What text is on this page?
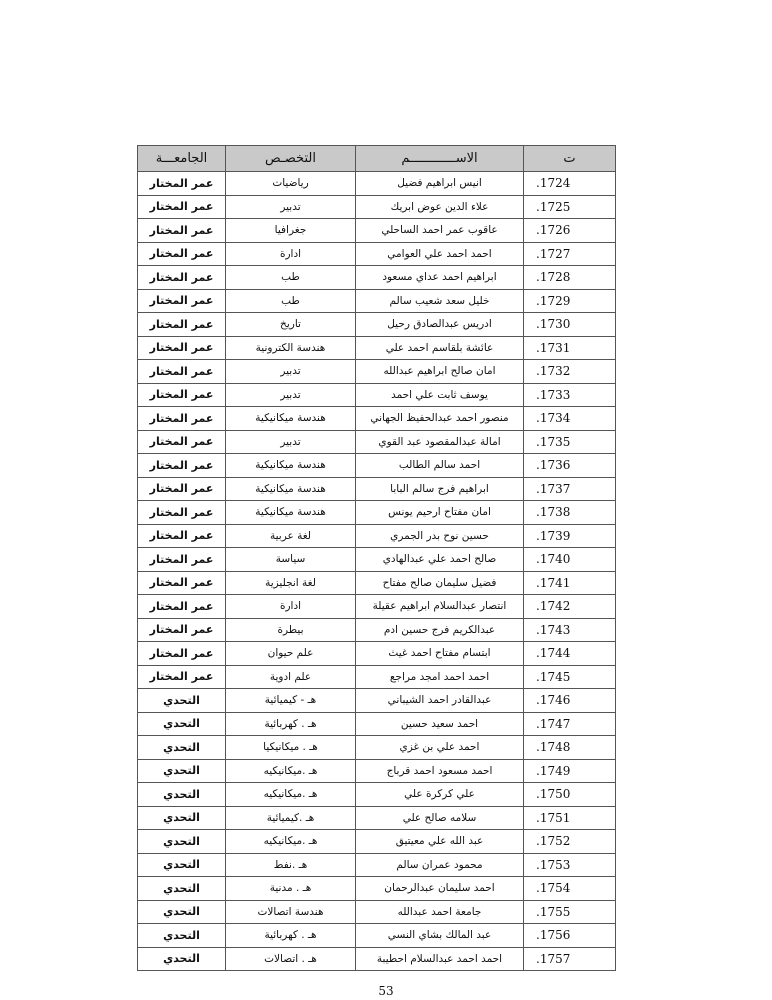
ت	الاســــــــــــم	التخصـص	الجامعـــة
1724.	انيس ابراهيم فضيل	رياضيات	عمر المختار
1725.	علاء الدين عوض ابريك	تدبير	عمر المختار
1726.	عاقوب عمر احمد الساحلي	جغرافيا	عمر المختار
1727.	احمد احمد علي العوامي	ادارة	عمر المختار
1728.	ابراهيم احمد عداي مسعود	طب	عمر المختار
1729.	خليل سعد شعيب سالم	طب	عمر المختار
1730.	ادريس عبدالصادق رحيل	تاريخ	عمر المختار
1731.	عائشة بلقاسم احمد علي	هندسة الكترونية	عمر المختار
1732.	امان صالح ابراهيم عبدالله	تدبير	عمر المختار
1733.	يوسف ثابت علي احمد	تدبير	عمر المختار
1734.	منصور احمد عبدالحفيظ الجهاني	هندسة ميكانيكية	عمر المختار
1735.	امالة عبدالمقصود عبد القوي	تدبير	عمر المختار
1736.	احمد سالم الطالب	هندسة ميكانيكية	عمر المختار
1737.	ابراهيم فرج سالم البابا	هندسة ميكانيكية	عمر المختار
1738.	امان مفتاح ارحيم يونس	هندسة ميكانيكية	عمر المختار
1739.	حسين نوح بدر الجمري	لغة عربية	عمر المختار
1740.	صالح احمد علي عبدالهادي	سياسة	عمر المختار
1741.	فضيل سليمان صالح مفتاح	لغة انجليزية	عمر المختار
1742.	انتصار عبدالسلام ابراهيم عقيلة	ادارة	عمر المختار
1743.	عبدالكريم فرج حسين ادم	بيطرة	عمر المختار
1744.	ابتسام مفتاح احمد غيث	علم حيوان	عمر المختار
1745.	احمد احمد امجد مراجع	علم ادوية	عمر المختار
1746.	عبدالقادر احمد الشيباني	هـ - كيميائية	التحدي
1747.	احمد سعيد حسين	هـ . كهربائية	التحدي
1748.	احمد علي بن غزي	هـ . ميكانيكيا	التحدي
1749.	احمد مسعود احمد قرباج	هـ .ميكانيكيه	التحدي
1750.	علي كركرة علي	هـ .ميكانيكيه	التحدي
1751.	سلامه صالح علي	هـ .كيميائية	التحدي
1752.	عبد الله علي معيتيق	هـ .ميكانيكيه	التحدي
1753.	محمود عمران سالم	هـ .نفط	التحدي
1754.	احمد سليمان عبدالرحمان	هـ . مدنية	التحدي
1755.	جامعة احمد عبدالله	هندسة اتصالات	التحدي
1756.	عبد المالك بشاي النسي	هـ . كهربائية	التحدي
1757.	احمد احمد عبدالسلام احطيبة	هـ . اتصالات	التحدي
53
